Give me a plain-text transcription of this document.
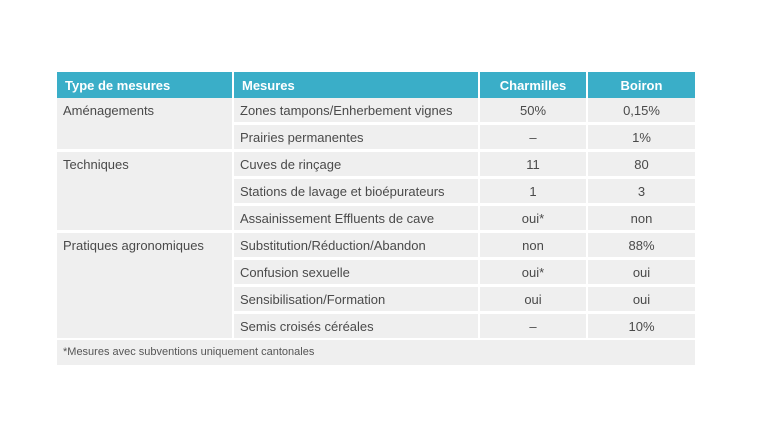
Type de mesures	Mesures	Charmilles	Boiron
Aménagements	Zones tampons/Enherbement vignes	50%	0,15%
	Prairies permanentes	–	1%
Techniques	Cuves de rinçage	11	80
	Stations de lavage et bioépurateurs	1	3
	Assainissement Effluents de cave	oui*	non
Pratiques agronomiques	Substitution/Réduction/Abandon	non	88%
	Confusion sexuelle	oui*	oui
	Sensibilisation/Formation	oui	oui
	Semis croisés céréales	–	10%
*Mesures avec subventions uniquement cantonales
